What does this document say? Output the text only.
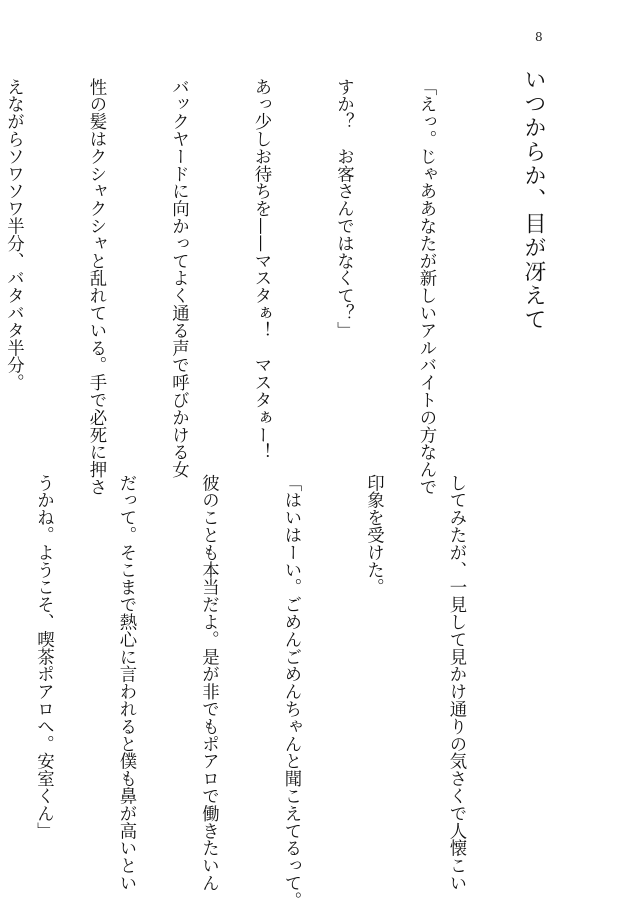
8
いつからか、目が冴えて

「えっ。じゃあ​あなたが新しいアルバイトの方なんで

すか？　お客さんではなくて？」

あっ少しお待ちを——マスタぁ！　マスタぁー！

バックヤードに向かってよく通る声で呼びかける女

性の髪はクシャクシャと乱れている。手で必死に押さ

えながらソワソワ半分、バタバタ半分。

してみたが、一見して見かけ通りの気さくで人懐こい

印象を受けた。

「はいはーい。ごめんごめんちゃんと聞こえてるって。

彼のことも本当だよ。是が非でもポアロで働きたいん

だって。そこまで熱心に言われると僕も鼻が高いとい

うかね。ようこそ、喫茶ポアロへ。安室くん」
